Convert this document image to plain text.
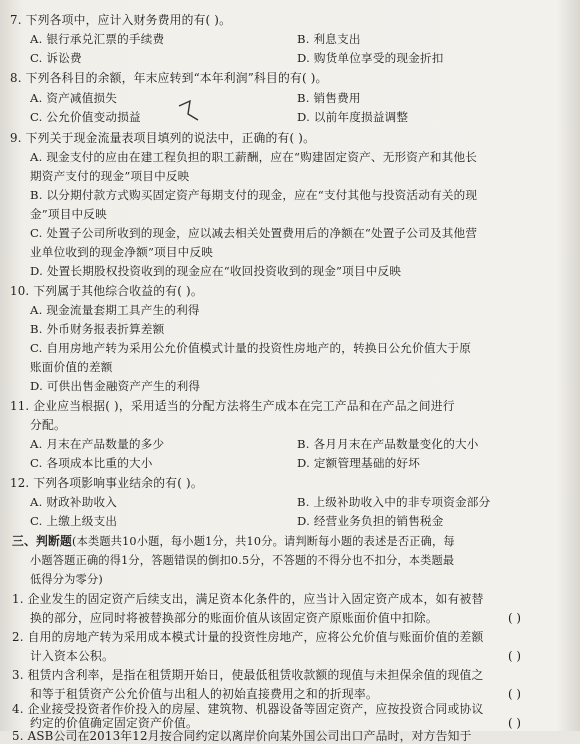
7. 下列各项中，应计入财务费用的有( )。
A. 银行承兑汇票的手续费	B. 利息支出
C. 诉讼费	D. 购货单位享受的现金折扣
8. 下列各科目的余额，年末应转到“本年利润”科目的有( )。
A. 资产减值损失	B. 销售费用
C. 公允价值变动损益	D. 以前年度损益调整
9. 下列关于现金流量表项目填列的说法中，正确的有( )。
A. 现金支付的应由在建工程负担的职工薪酬，应在“购建固定资产、无形资产和其他长
期资产支付的现金”项目中反映
B. 以分期付款方式购买固定资产每期支付的现金，应在“支付其他与投资活动有关的现
金”项目中反映
C. 处置子公司所收到的现金，应以减去相关处置费用后的净额在“处置子公司及其他营
业单位收到的现金净额”项目中反映
D. 处置长期股权投资收到的现金应在“收回投资收到的现金”项目中反映
10. 下列属于其他综合收益的有( )。
A. 现金流量套期工具产生的利得
B. 外币财务报表折算差额
C. 自用房地产转为采用公允价值模式计量的投资性房地产的，转换日公允价值大于原
账面价值的差额
D. 可供出售金融资产产生的利得
11. 企业应当根据( )，采用适当的分配方法将生产成本在完工产品和在产品之间进行
分配。
A. 月末在产品数量的多少	B. 各月月末在产品数量变化的大小
C. 各项成本比重的大小	D. 定额管理基础的好坏
12. 下列各项影响事业结余的有( )。
A. 财政补助收入	B. 上级补助收入中的非专项资金部分
C. 上缴上级支出	D. 经营业务负担的销售税金
三、判断题(本类题共10小题，每小题1分，共10分。请判断每小题的表述是否正确，每
小题答题正确的得1分，答题错误的倒扣0.5分，不答题的不得分也不扣分，本类题最
低得分为零分)
1. 企业发生的固定资产后续支出，满足资本化条件的，应当计入固定资产成本，如有被替
换的部分，应同时将被替换部分的账面价值从该固定资产原账面价值中扣除。	( )
2. 自用的房地产转为采用成本模式计量的投资性房地产，应将公允价值与账面价值的差额
计入资本公积。	( )
3. 租赁内含利率，是指在租赁期开始日，使最低租赁收款额的现值与未担保余值的现值之
和等于租赁资产公允价值与出租人的初始直接费用之和的折现率。	( )
4. 企业接受投资者作价投入的房屋、建筑物、机器设备等固定资产，应按投资合同或协议
约定的价值确定固定资产价值。	( )
5. ASB公司在2013年12月按合同约定以离岸价向某外国公司出口产品时，对方告知于
